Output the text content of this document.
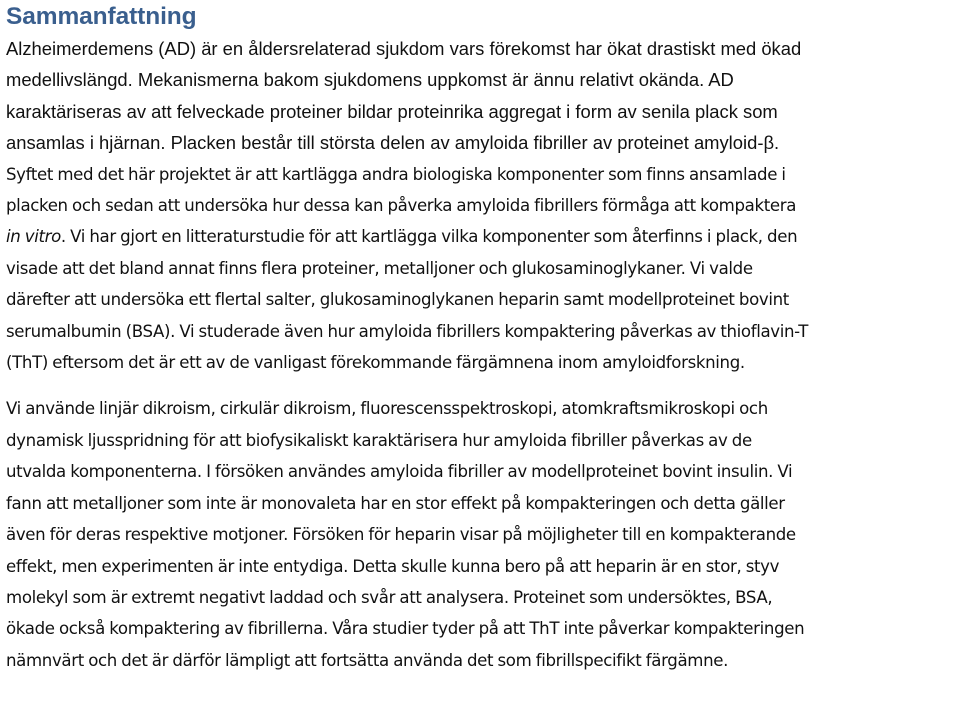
Sammanfattning

Alzheimerdemens (AD) är en åldersrelaterad sjukdom vars förekomst har ökat drastiskt med ökad
medellivslängd. Mekanismerna bakom sjukdomens uppkomst är ännu relativt okända. AD
karaktäriseras av att felveckade proteiner bildar proteinrika aggregat i form av senila plack som
ansamlas i hjärnan. Placken består till största delen av amyloida fibriller av proteinet amyloid-β.
Syftet med det här projektet är att kartlägga andra biologiska komponenter som finns ansamlade i
placken och sedan att undersöka hur dessa kan påverka amyloida fibrillers förmåga att kompaktera
in vitro. Vi har gjort en litteraturstudie för att kartlägga vilka komponenter som återfinns i plack, den
visade att det bland annat finns flera proteiner, metalljoner och glukosaminoglykaner. Vi valde
därefter att undersöka ett flertal salter, glukosaminoglykanen heparin samt modellproteinet bovint
serumalbumin (BSA). Vi studerade även hur amyloida fibrillers kompaktering påverkas av thioflavin-T
(ThT) eftersom det är ett av de vanligast förekommande färgämnena inom amyloidforskning.

Vi använde linjär dikroism, cirkulär dikroism, fluorescensspektroskopi, atomkraftsmikroskopi och
dynamisk ljusspridning för att biofysikaliskt karaktärisera hur amyloida fibriller påverkas av de
utvalda komponenterna. I försöken användes amyloida fibriller av modellproteinet bovint insulin. Vi
fann att metalljoner som inte är monovaleta har en stor effekt på kompakteringen och detta gäller
även för deras respektive motjoner. Försöken för heparin visar på möjligheter till en kompakterande
effekt, men experimenten är inte entydiga. Detta skulle kunna bero på att heparin är en stor, styv
molekyl som är extremt negativt laddad och svår att analysera. Proteinet som undersöktes, BSA,
ökade också kompaktering av fibrillerna. Våra studier tyder på att ThT inte påverkar kompakteringen
nämnvärt och det är därför lämpligt att fortsätta använda det som fibrillspecifikt färgämne.
